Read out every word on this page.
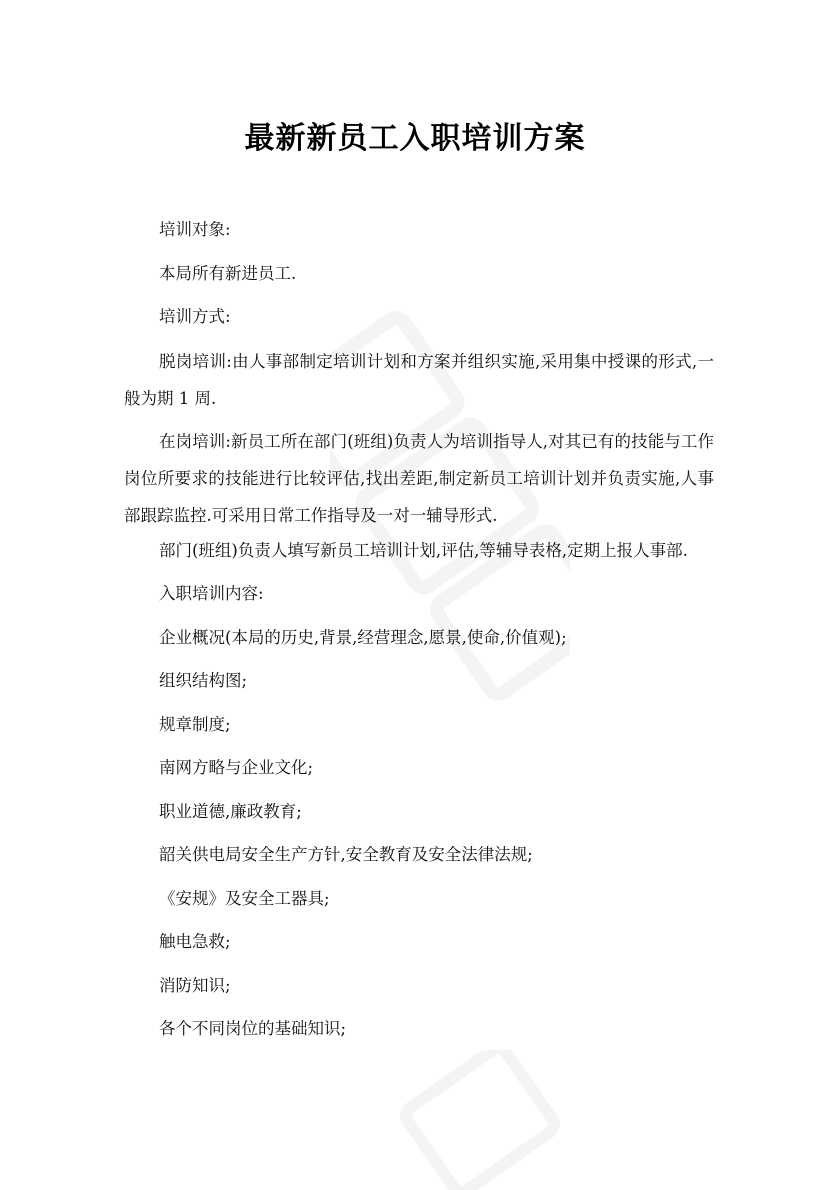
最新新员工入职培训方案

培训对象:

本局所有新进员工.

培训方式:

脱岗培训:由人事部制定培训计划和方案并组织实施,采用集中授课的形式,一般为期 1 周.

在岗培训:新员工所在部门(班组)负责人为培训指导人,对其已有的技能与工作岗位所要求的技能进行比较评估,找出差距,制定新员工培训计划并负责实施,人事部跟踪监控.可采用日常工作指导及一对一辅导形式.

部门(班组)负责人填写新员工培训计划,评估,等辅导表格,定期上报人事部.

入职培训内容:

企业概况(本局的历史,背景,经营理念,愿景,使命,价值观);

组织结构图;

规章制度;

南网方略与企业文化;

职业道德,廉政教育;

韶关供电局安全生产方针,安全教育及安全法律法规;

《安规》及安全工器具;

触电急救;

消防知识;

各个不同岗位的基础知识;
